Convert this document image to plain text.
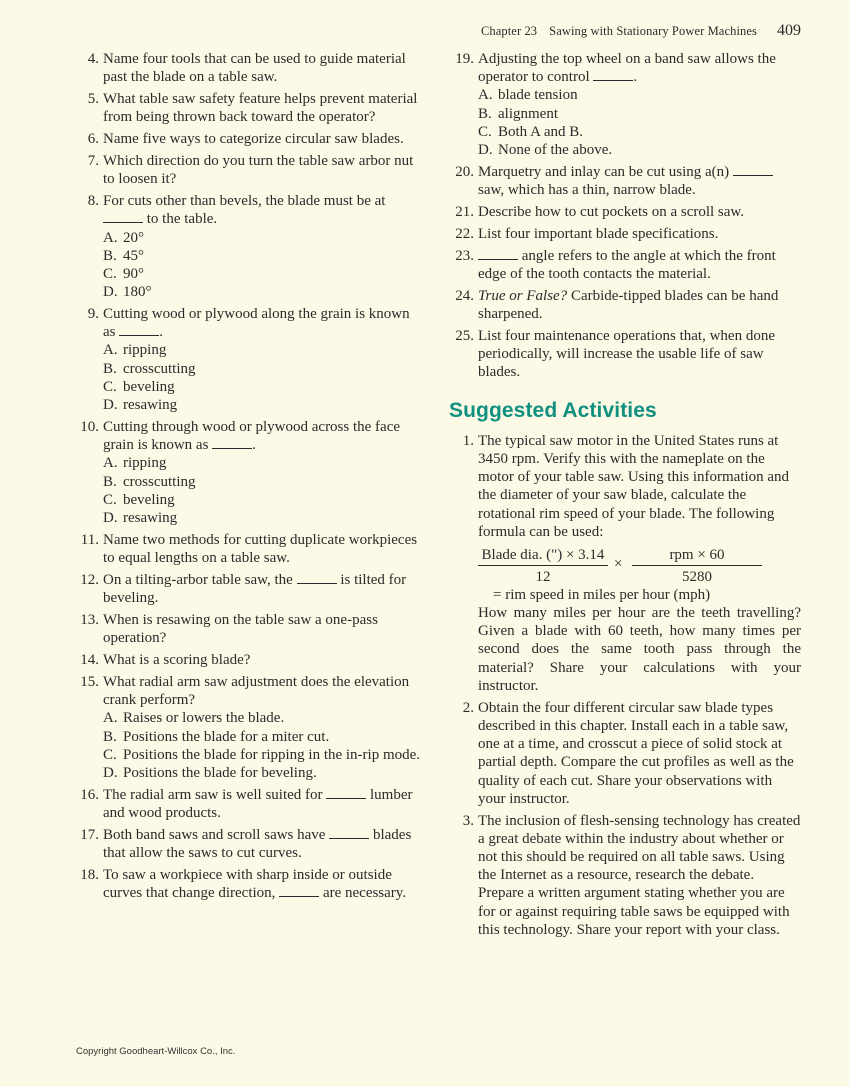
Chapter 23 Sawing with Stationary Power Machines 409
4. Name four tools that can be used to guide material past the blade on a table saw.
5. What table saw safety feature helps prevent material from being thrown back toward the operator?
6. Name five ways to categorize circular saw blades.
7. Which direction do you turn the table saw arbor nut to loosen it?
8. For cuts other than bevels, the blade must be at  to the table.
A. 20°
B. 45°
C. 90°
D. 180°
9. Cutting wood or plywood along the grain is known as	.
A. ripping
B. crosscutting
C. beveling
D. resawing
10. Cutting through wood or plywood across the face grain is known as	.
A. ripping
B. crosscutting
C. beveling
D. resawing
11. Name two methods for cutting duplicate workpieces to equal lengths on a table saw.
12. On a tilting-arbor table saw, the	is tilted for beveling.
13. When is resawing on the table saw a one-pass operation?
14. What is a scoring blade?
15. What radial arm saw adjustment does the elevation crank perform?
A. Raises or lowers the blade.
B. Positions the blade for a miter cut.
C. Positions the blade for ripping in the in-rip mode.
D. Positions the blade for beveling.
16. The radial arm saw is well suited for	lumber and wood products.
17. Both band saws and scroll saws have	blades that allow the saws to cut curves.
18. To saw a workpiece with sharp inside or outside curves that change direction,	are necessary.
19. Adjusting the top wheel on a band saw allows the operator to control	.
A. blade tension
B. alignment
C. Both A and B.
D. None of the above.
20. Marquetry and inlay can be cut using a(n)  saw, which has a thin, narrow blade.
21. Describe how to cut pockets on a scroll saw.
22. List four important blade specifications.
23.	angle refers to the angle at which the front edge of the tooth contacts the material.
24. True or False? Carbide-tipped blades can be hand sharpened.
25. List four maintenance operations that, when done periodically, will increase the usable life of saw blades.
Suggested Activities
1. The typical saw motor in the United States runs at 3450 rpm. Verify this with the nameplate on the motor of your table saw. Using this information and the diameter of your saw blade, calculate the rotational rim speed of your blade. The following formula can be used:

Blade dia. (") × 3.14
12
×
rpm × 60
5280
= rim speed in miles per hour (mph)

How many miles per hour are the teeth travelling? Given a blade with 60 teeth, how many times per second does the same tooth pass through the material? Share your calculations with your instructor.

2. Obtain the four different circular saw blade types described in this chapter. Install each in a table saw, one at a time, and crosscut a piece of solid stock at partial depth. Compare the cut profiles as well as the quality of each cut. Share your observations with your instructor.

3. The inclusion of flesh-sensing technology has created a great debate within the industry about whether or not this should be required on all table saws. Using the Internet as a resource, research the debate. Prepare a written argument stating whether you are for or against requiring table saws be equipped with this technology. Share your report with your class.

Copyright Goodheart-Willcox Co., Inc.
